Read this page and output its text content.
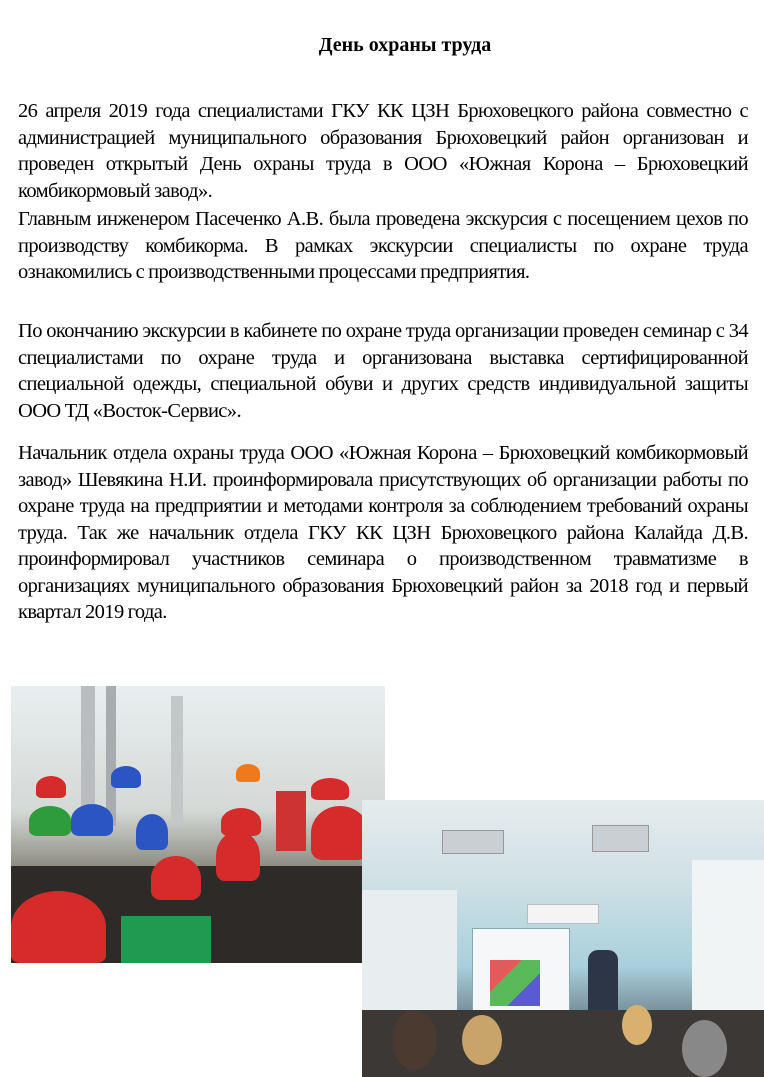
День охраны труда

26 апреля 2019 года специалистами ГКУ КК ЦЗН Брюховецкого района совместно с администрацией муниципального образования Брюховецкий район организован и проведен открытый День охраны труда в ООО «Южная Корона – Брюховецкий комбикормовый завод».

Главным инженером Пасеченко А.В. была проведена экскурсия с посещением цехов по производству комбикорма. В рамках экскурсии специалисты по охране труда ознакомились с производственными процессами предприятия.

По окончанию экскурсии в кабинете по охране труда организации проведен семинар с 34 специалистами по охране труда и организована выставка сертифицированной специальной одежды, специальной обуви и других средств индивидуальной защиты ООО ТД «Восток-Сервис».

Начальник отдела охраны труда ООО «Южная Корона – Брюховецкий комбикормовый завод» Шевякина Н.И. проинформировала присутствующих об организации работы по охране труда на предприятии и методами контроля за соблюдением требований охраны труда. Так же начальник отдела ГКУ КК ЦЗН Брюховецкого района Калайда Д.В. проинформировал участников семинара о производственном травматизме в организациях муниципального образования Брюховецкий район за 2018 год и первый квартал 2019 года.
